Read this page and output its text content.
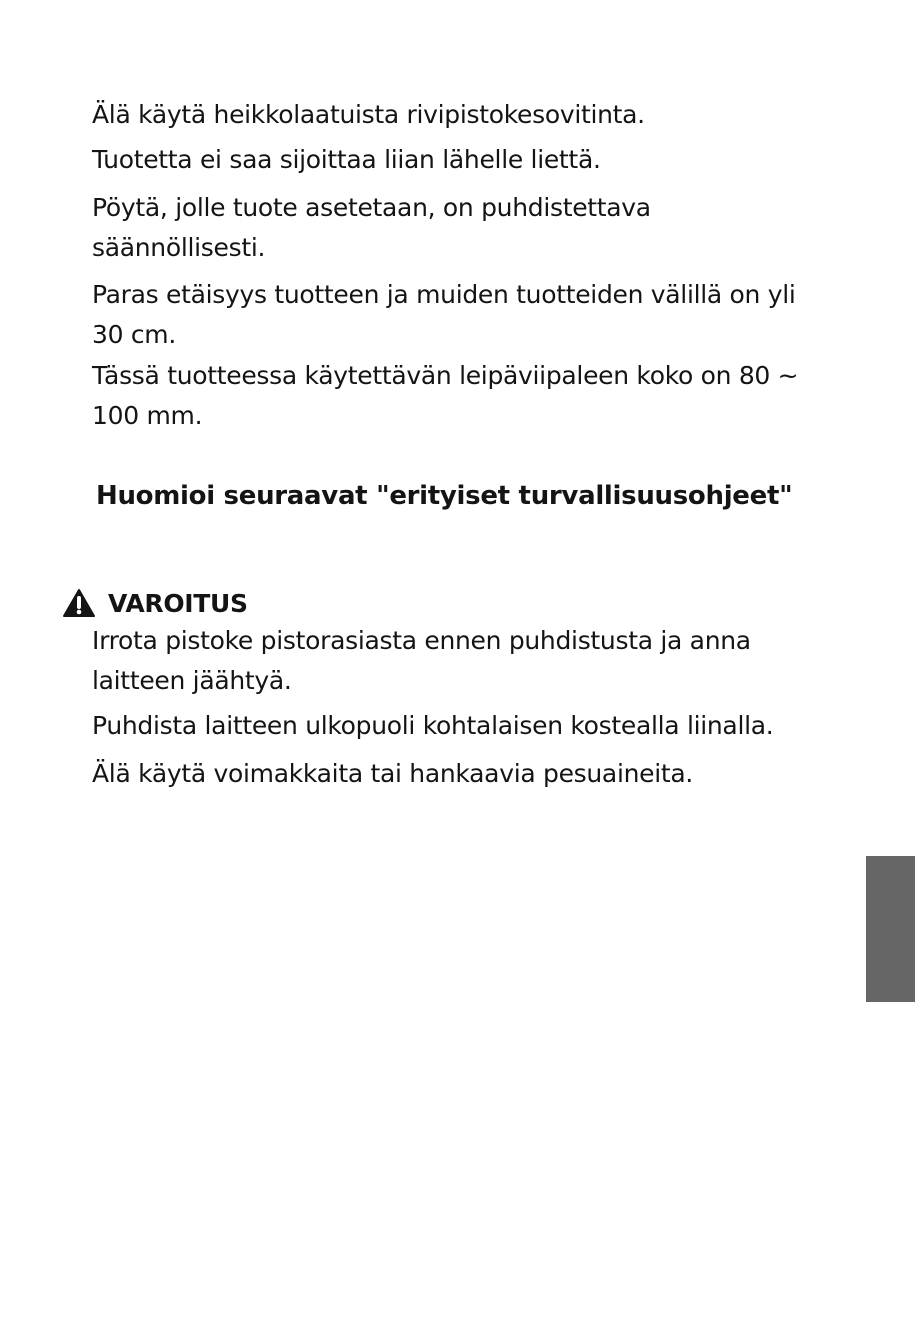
Älä käytä heikkolaatuista rivipistokesovitinta.

Tuotetta ei saa sijoittaa liian lähelle liettä.

Pöytä, jolle tuote asetetaan, on puhdistettava
säännöllisesti.

Paras etäisyys tuotteen ja muiden tuotteiden välillä on yli
30 cm.

Tässä tuotteessa käytettävän leipäviipaleen koko on 80 ~
100 mm.

Huomioi seuraavat "erityiset turvallisuusohjeet"
VAROITUS

Irrota pistoke pistorasiasta ennen puhdistusta ja anna
laitteen jäähtyä.

Puhdista laitteen ulkopuoli kohtalaisen kostealla liinalla.

Älä käytä voimakkaita tai hankaavia pesuaineita.
